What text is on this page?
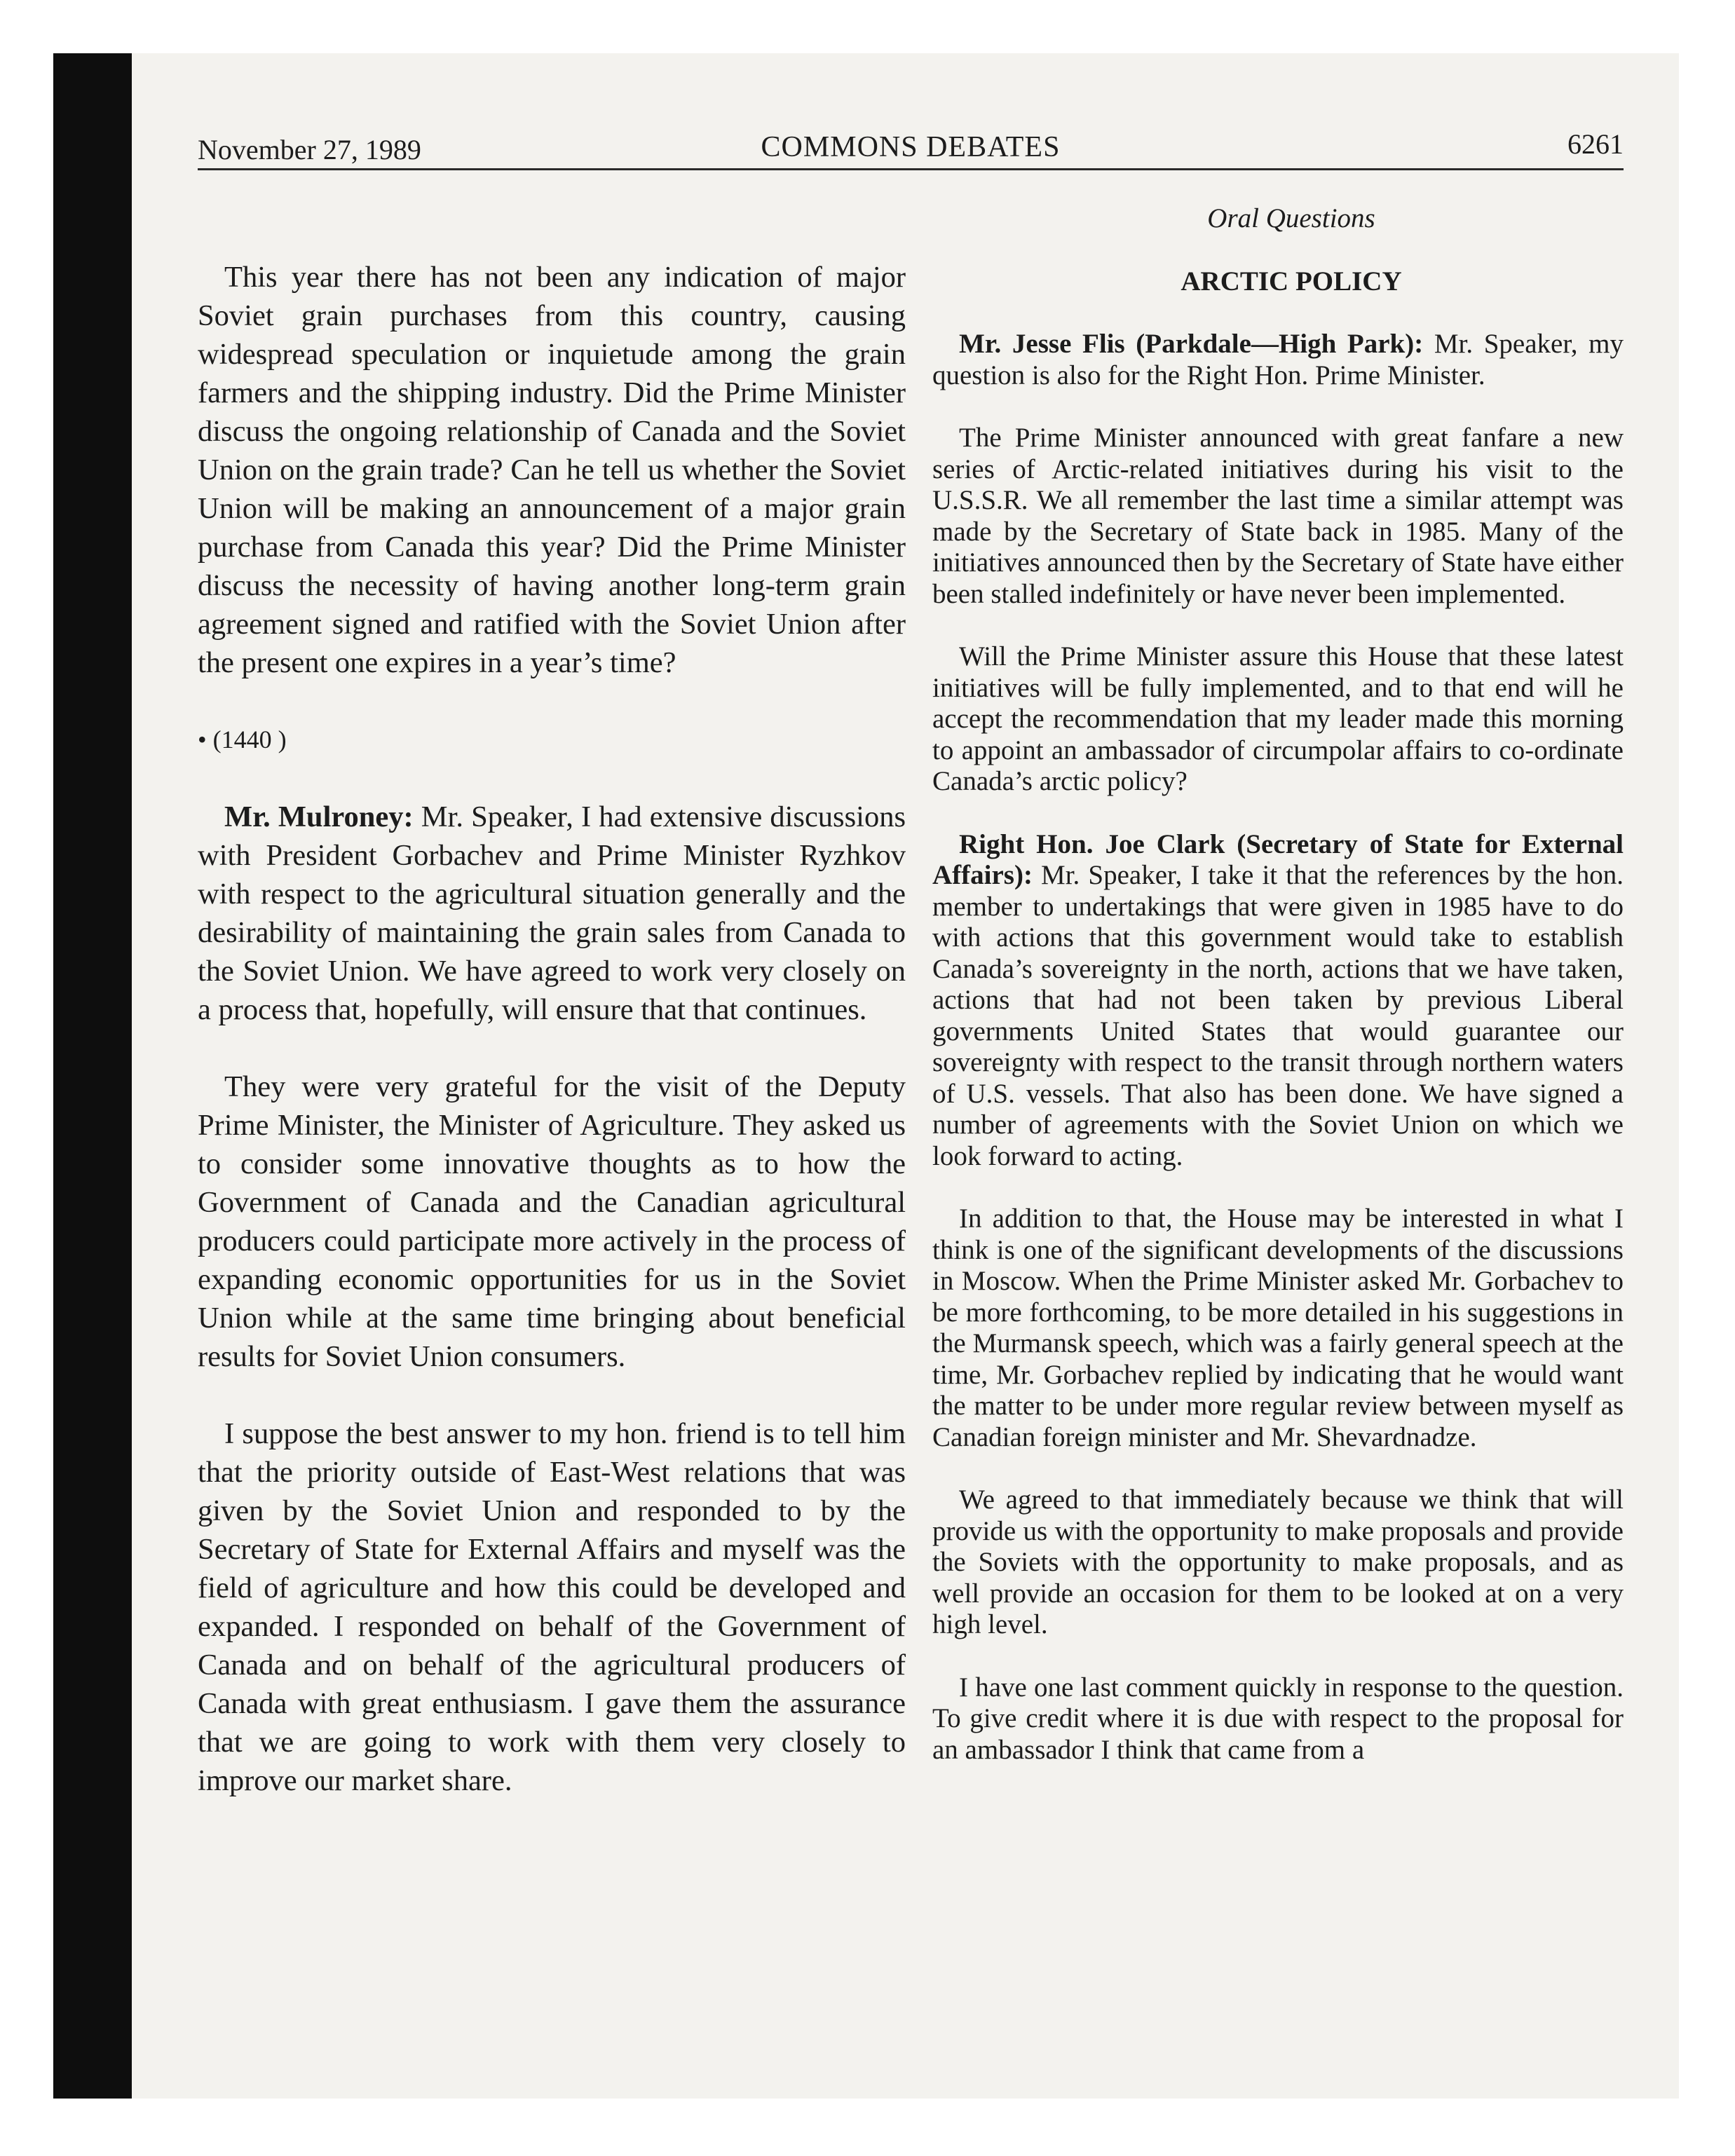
November 27, 1989	COMMONS DEBATES	6261

This year there has not been any indication of major Soviet grain purchases from this country, causing widespread speculation or inquietude among the grain farmers and the shipping industry. Did the Prime Minister discuss the ongoing relationship of Canada and the Soviet Union on the grain trade? Can he tell us whether the Soviet Union will be making an announcement of a major grain purchase from Canada this year? Did the Prime Minister discuss the necessity of having another long-term grain agreement signed and ratified with the Soviet Union after the present one expires in a year’s time?

• (1440 )

Mr. Mulroney: Mr. Speaker, I had extensive discussions with President Gorbachev and Prime Minister Ryzhkov with respect to the agricultural situation generally and the desirability of maintaining the grain sales from Canada to the Soviet Union. We have agreed to work very closely on a process that, hopefully, will ensure that that continues.

They were very grateful for the visit of the Deputy Prime Minister, the Minister of Agriculture. They asked us to consider some innovative thoughts as to how the Government of Canada and the Canadian agricultural producers could participate more actively in the process of expanding economic opportunities for us in the Soviet Union while at the same time bringing about beneficial results for Soviet Union consumers.

I suppose the best answer to my hon. friend is to tell him that the priority outside of East-West relations that was given by the Soviet Union and responded to by the Secretary of State for External Affairs and myself was the field of agriculture and how this could be developed and expanded. I responded on behalf of the Government of Canada and on behalf of the agricultural producers of Canada with great enthusiasm. I gave them the assurance that we are going to work with them very closely to improve our market share.

Oral Questions

ARCTIC POLICY

Mr. Jesse Flis (Parkdale—High Park): Mr. Speaker, my question is also for the Right Hon. Prime Minister.

The Prime Minister announced with great fanfare a new series of Arctic-related initiatives during his visit to the U.S.S.R. We all remember the last time a similar attempt was made by the Secretary of State back in 1985. Many of the initiatives announced then by the Secretary of State have either been stalled indefinitely or have never been implemented.

Will the Prime Minister assure this House that these latest initiatives will be fully implemented, and to that end will he accept the recommendation that my leader made this morning to appoint an ambassador of circumpolar affairs to co-ordinate Canada’s arctic policy?

Right Hon. Joe Clark (Secretary of State for External Affairs): Mr. Speaker, I take it that the references by the hon. member to undertakings that were given in 1985 have to do with actions that this government would take to establish Canada’s sovereignty in the north, actions that we have taken, actions that had not been taken by previous Liberal governments United States that would guarantee our sovereignty with respect to the transit through northern waters of U.S. vessels. That also has been done. We have signed a number of agreements with the Soviet Union on which we look forward to acting.

In addition to that, the House may be interested in what I think is one of the significant developments of the discussions in Moscow. When the Prime Minister asked Mr. Gorbachev to be more forthcoming, to be more detailed in his suggestions in the Murmansk speech, which was a fairly general speech at the time, Mr. Gorbachev replied by indicating that he would want the matter to be under more regular review between myself as Canadian foreign minister and Mr. Shevardnadze.

We agreed to that immediately because we think that will provide us with the opportunity to make proposals and provide the Soviets with the opportunity to make proposals, and as well provide an occasion for them to be looked at on a very high level.

I have one last comment quickly in response to the question. To give credit where it is due with respect to the proposal for an ambassador I think that came from a
